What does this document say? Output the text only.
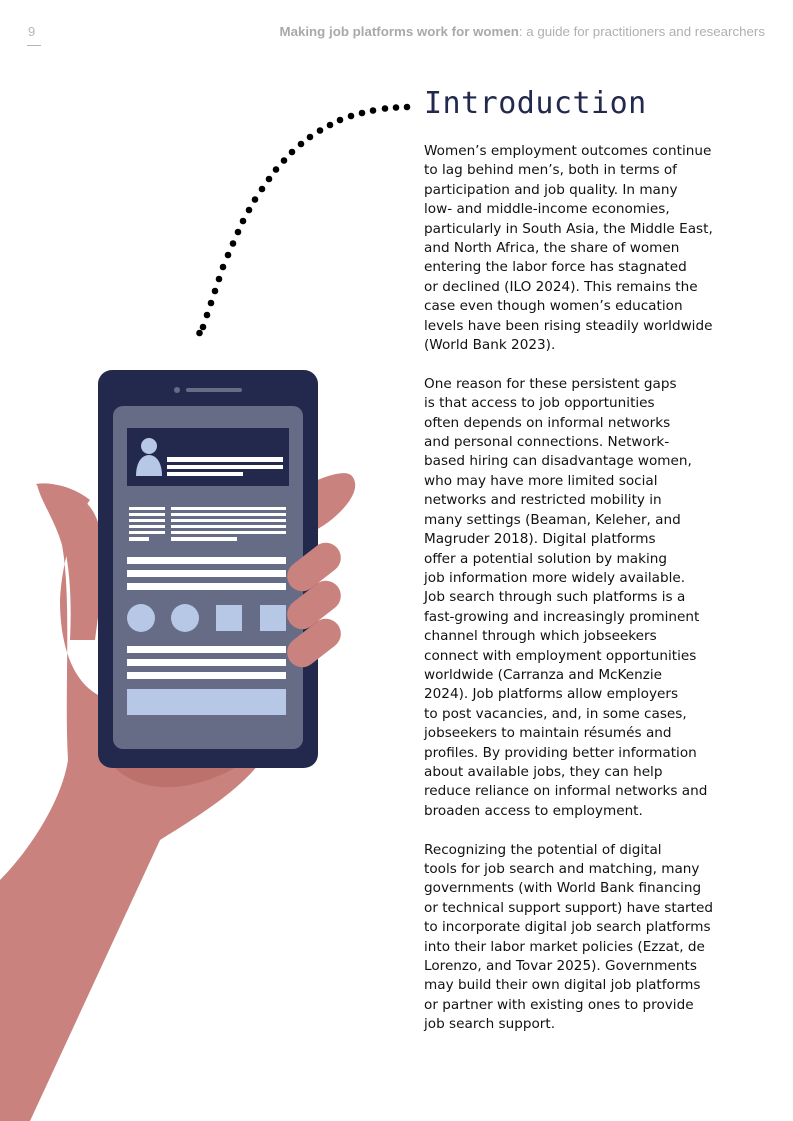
9	Making job platforms work for women: a guide for practitioners and researchers
Introduction

Women’s employment outcomes continue
to lag behind men’s, both in terms of
participation and job quality. In many
low- and middle-income economies,
particularly in South Asia, the Middle East,
and North Africa, the share of women
entering the labor force has stagnated
or declined (ILO 2024). This remains the
case even though women’s education
levels have been rising steadily worldwide
(World Bank 2023).

One reason for these persistent gaps
is that access to job opportunities
often depends on informal networks
and personal connections. Network-
based hiring can disadvantage women,
who may have more limited social
networks and restricted mobility in
many settings (Beaman, Keleher, and
Magruder 2018). Digital platforms
offer a potential solution by making
job information more widely available.
Job search through such platforms is a
fast-growing and increasingly prominent
channel through which jobseekers
connect with employment opportunities
worldwide (Carranza and McKenzie
2024). Job platforms allow employers
to post vacancies, and, in some cases,
jobseekers to maintain résumés and
profiles. By providing better information
about available jobs, they can help
reduce reliance on informal networks and
broaden access to employment.

Recognizing the potential of digital
tools for job search and matching, many
governments (with World Bank financing
or technical support support) have started
to incorporate digital job search platforms
into their labor market policies (Ezzat, de
Lorenzo, and Tovar 2025). Governments
may build their own digital job platforms
or partner with existing ones to provide
job search support.
